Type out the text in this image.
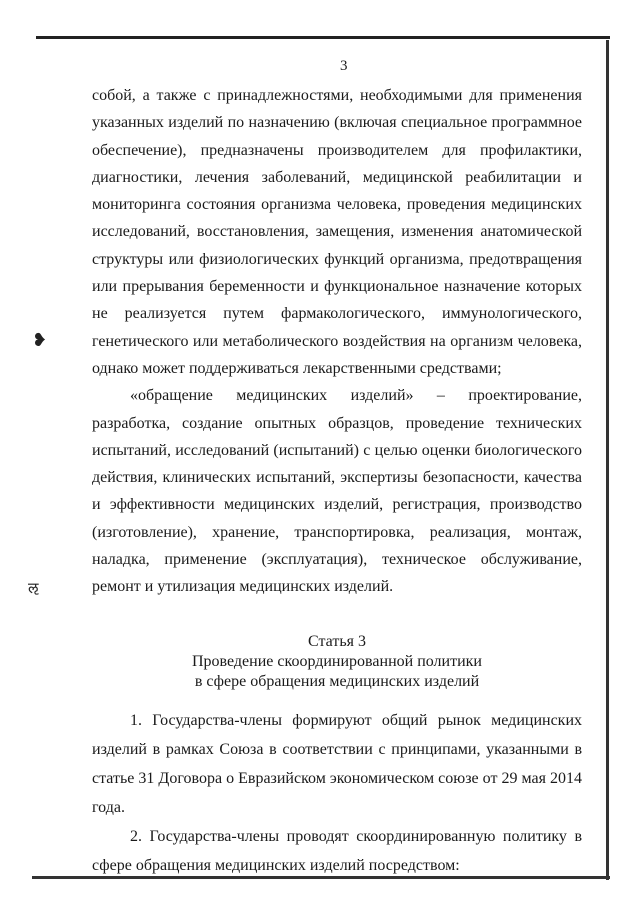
3
❥
ऌ

собой, а также с принадлежностями, необходимыми для применения указанных изделий по назначению (включая специальное программное обеспечение), предназначены производителем для профилактики, диагностики, лечения заболеваний, медицинской реабилитации и мониторинга состояния организма человека, проведения медицинских исследований, восстановления, замещения, изменения анатомической структуры или физиологических функций организма, предотвращения или прерывания беременности и функциональное назначение которых не реализуется путем фармакологического, иммунологического, генетического или метаболического воздействия на организм человека, однако может поддерживаться лекарственными средствами;

«обращение медицинских изделий» – проектирование, разработка, создание опытных образцов, проведение технических испытаний, исследований (испытаний) с целью оценки биологического действия, клинических испытаний, экспертизы безопасности, качества и эффективности медицинских изделий, регистрация, производство (изготовление), хранение, транспортировка, реализация, монтаж, наладка, применение (эксплуатация), техническое обслуживание, ремонт и утилизация медицинских изделий.

Статья 3
Проведение скоординированной политики
в сфере обращения медицинских изделий

1. Государства-члены формируют общий рынок медицинских изделий в рамках Союза в соответствии с принципами, указанными в статье 31 Договора о Евразийском экономическом союзе от 29 мая 2014 года.

2. Государства-члены проводят скоординированную политику в сфере обращения медицинских изделий посредством:
